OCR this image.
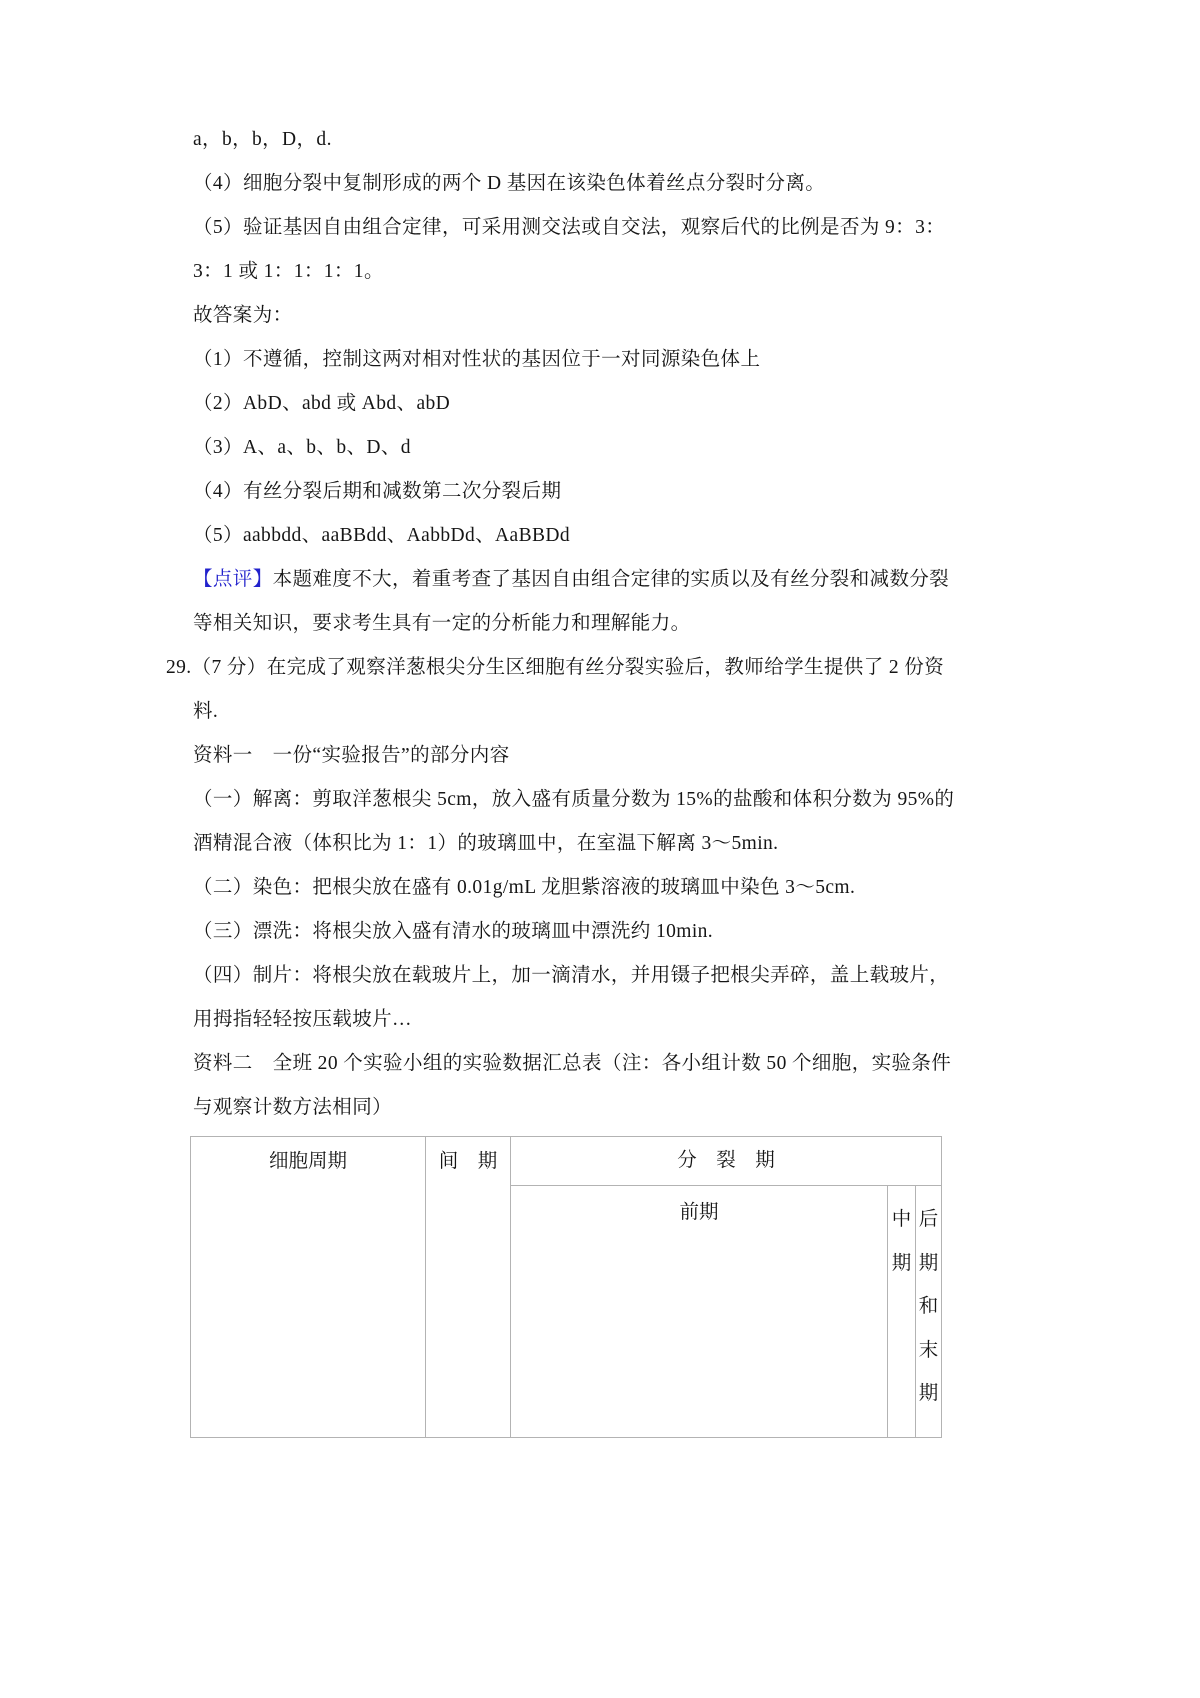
a，b，b，D，d.
（4）细胞分裂中复制形成的两个 D 基因在该染色体着丝点分裂时分离。
（5）验证基因自由组合定律，可采用测交法或自交法，观察后代的比例是否为 9：3：
3：1 或 1：1：1：1。
故答案为：
（1）不遵循，控制这两对相对性状的基因位于一对同源染色体上
（2）AbD、abd 或 Abd、abD
（3）A、a、b、b、D、d
（4）有丝分裂后期和减数第二次分裂后期
（5）aabbdd、aaBBdd、AabbDd、AaBBDd
【点评】本题难度不大，着重考查了基因自由组合定律的实质以及有丝分裂和减数分裂
等相关知识，要求考生具有一定的分析能力和理解能力。
29.（7 分）在完成了观察洋葱根尖分生区细胞有丝分裂实验后，教师给学生提供了 2 份资
料.
资料一　一份“实验报告”的部分内容
（一）解离：剪取洋葱根尖 5cm，放入盛有质量分数为 15%的盐酸和体积分数为 95%的
酒精混合液（体积比为 1：1）的玻璃皿中，在室温下解离 3～5min.
（二）染色：把根尖放在盛有 0.01g/mL 龙胆紫溶液的玻璃皿中染色 3～5cm.
（三）漂洗：将根尖放入盛有清水的玻璃皿中漂洗约 10min.
（四）制片：将根尖放在载玻片上，加一滴清水，并用镊子把根尖弄碎，盖上载玻片，
用拇指轻轻按压载坡片…
资料二　全班 20 个实验小组的实验数据汇总表（注：各小组计数 50 个细胞，实验条件
与观察计数方法相同）
细胞周期	间　期	分　裂　期		
		前期	中期	后期和末期
